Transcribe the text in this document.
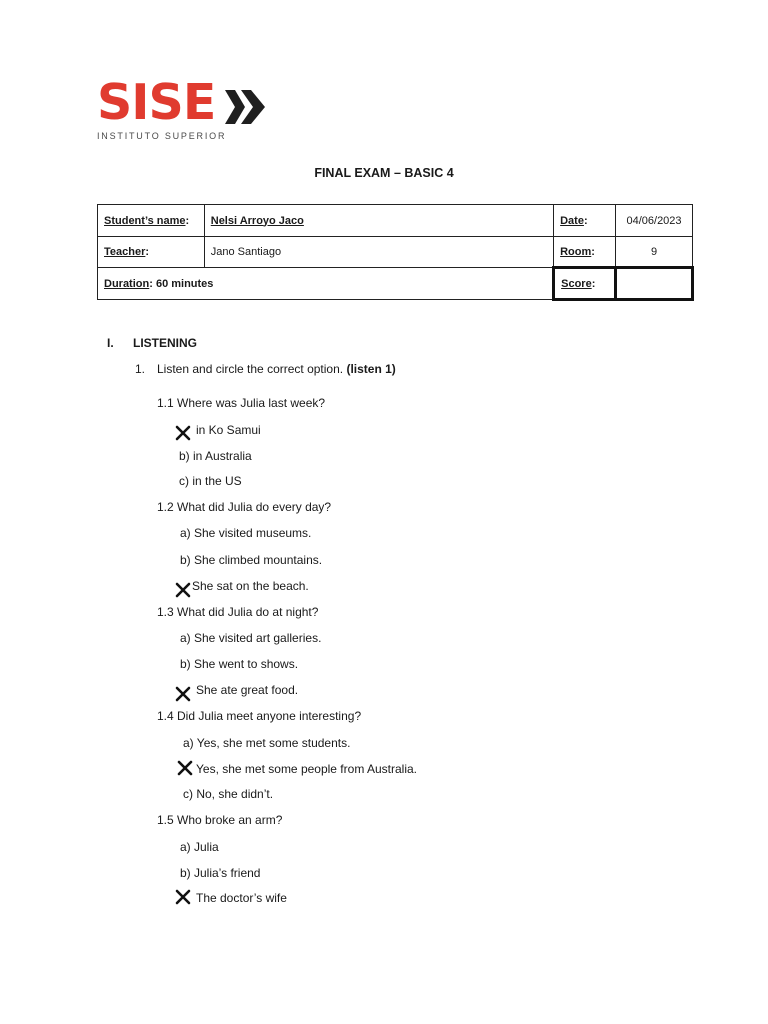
SISE
INSTITUTO SUPERIOR
FINAL EXAM – BASIC 4
Student’s name:	Nelsi Arroyo Jaco	Date:	04/06/2023
Teacher:	Jano Santiago	Room:	9
Duration: 60 minutes		Score:	
I. LISTENING
1. Listen and circle the correct option. (listen 1)
1.1 Where was Julia last week?
in Ko Samui
b) in Australia
c) in the US
1.2 What did Julia do every day?
a) She visited museums.
b) She climbed mountains.
She sat on the beach.
1.3 What did Julia do at night?
a) She visited art galleries.
b) She went to shows.
She ate great food.
1.4 Did Julia meet anyone interesting?
a) Yes, she met some students.
Yes, she met some people from Australia.
c) No, she didn’t.
1.5 Who broke an arm?
a) Julia
b) Julia’s friend
The doctor’s wife
